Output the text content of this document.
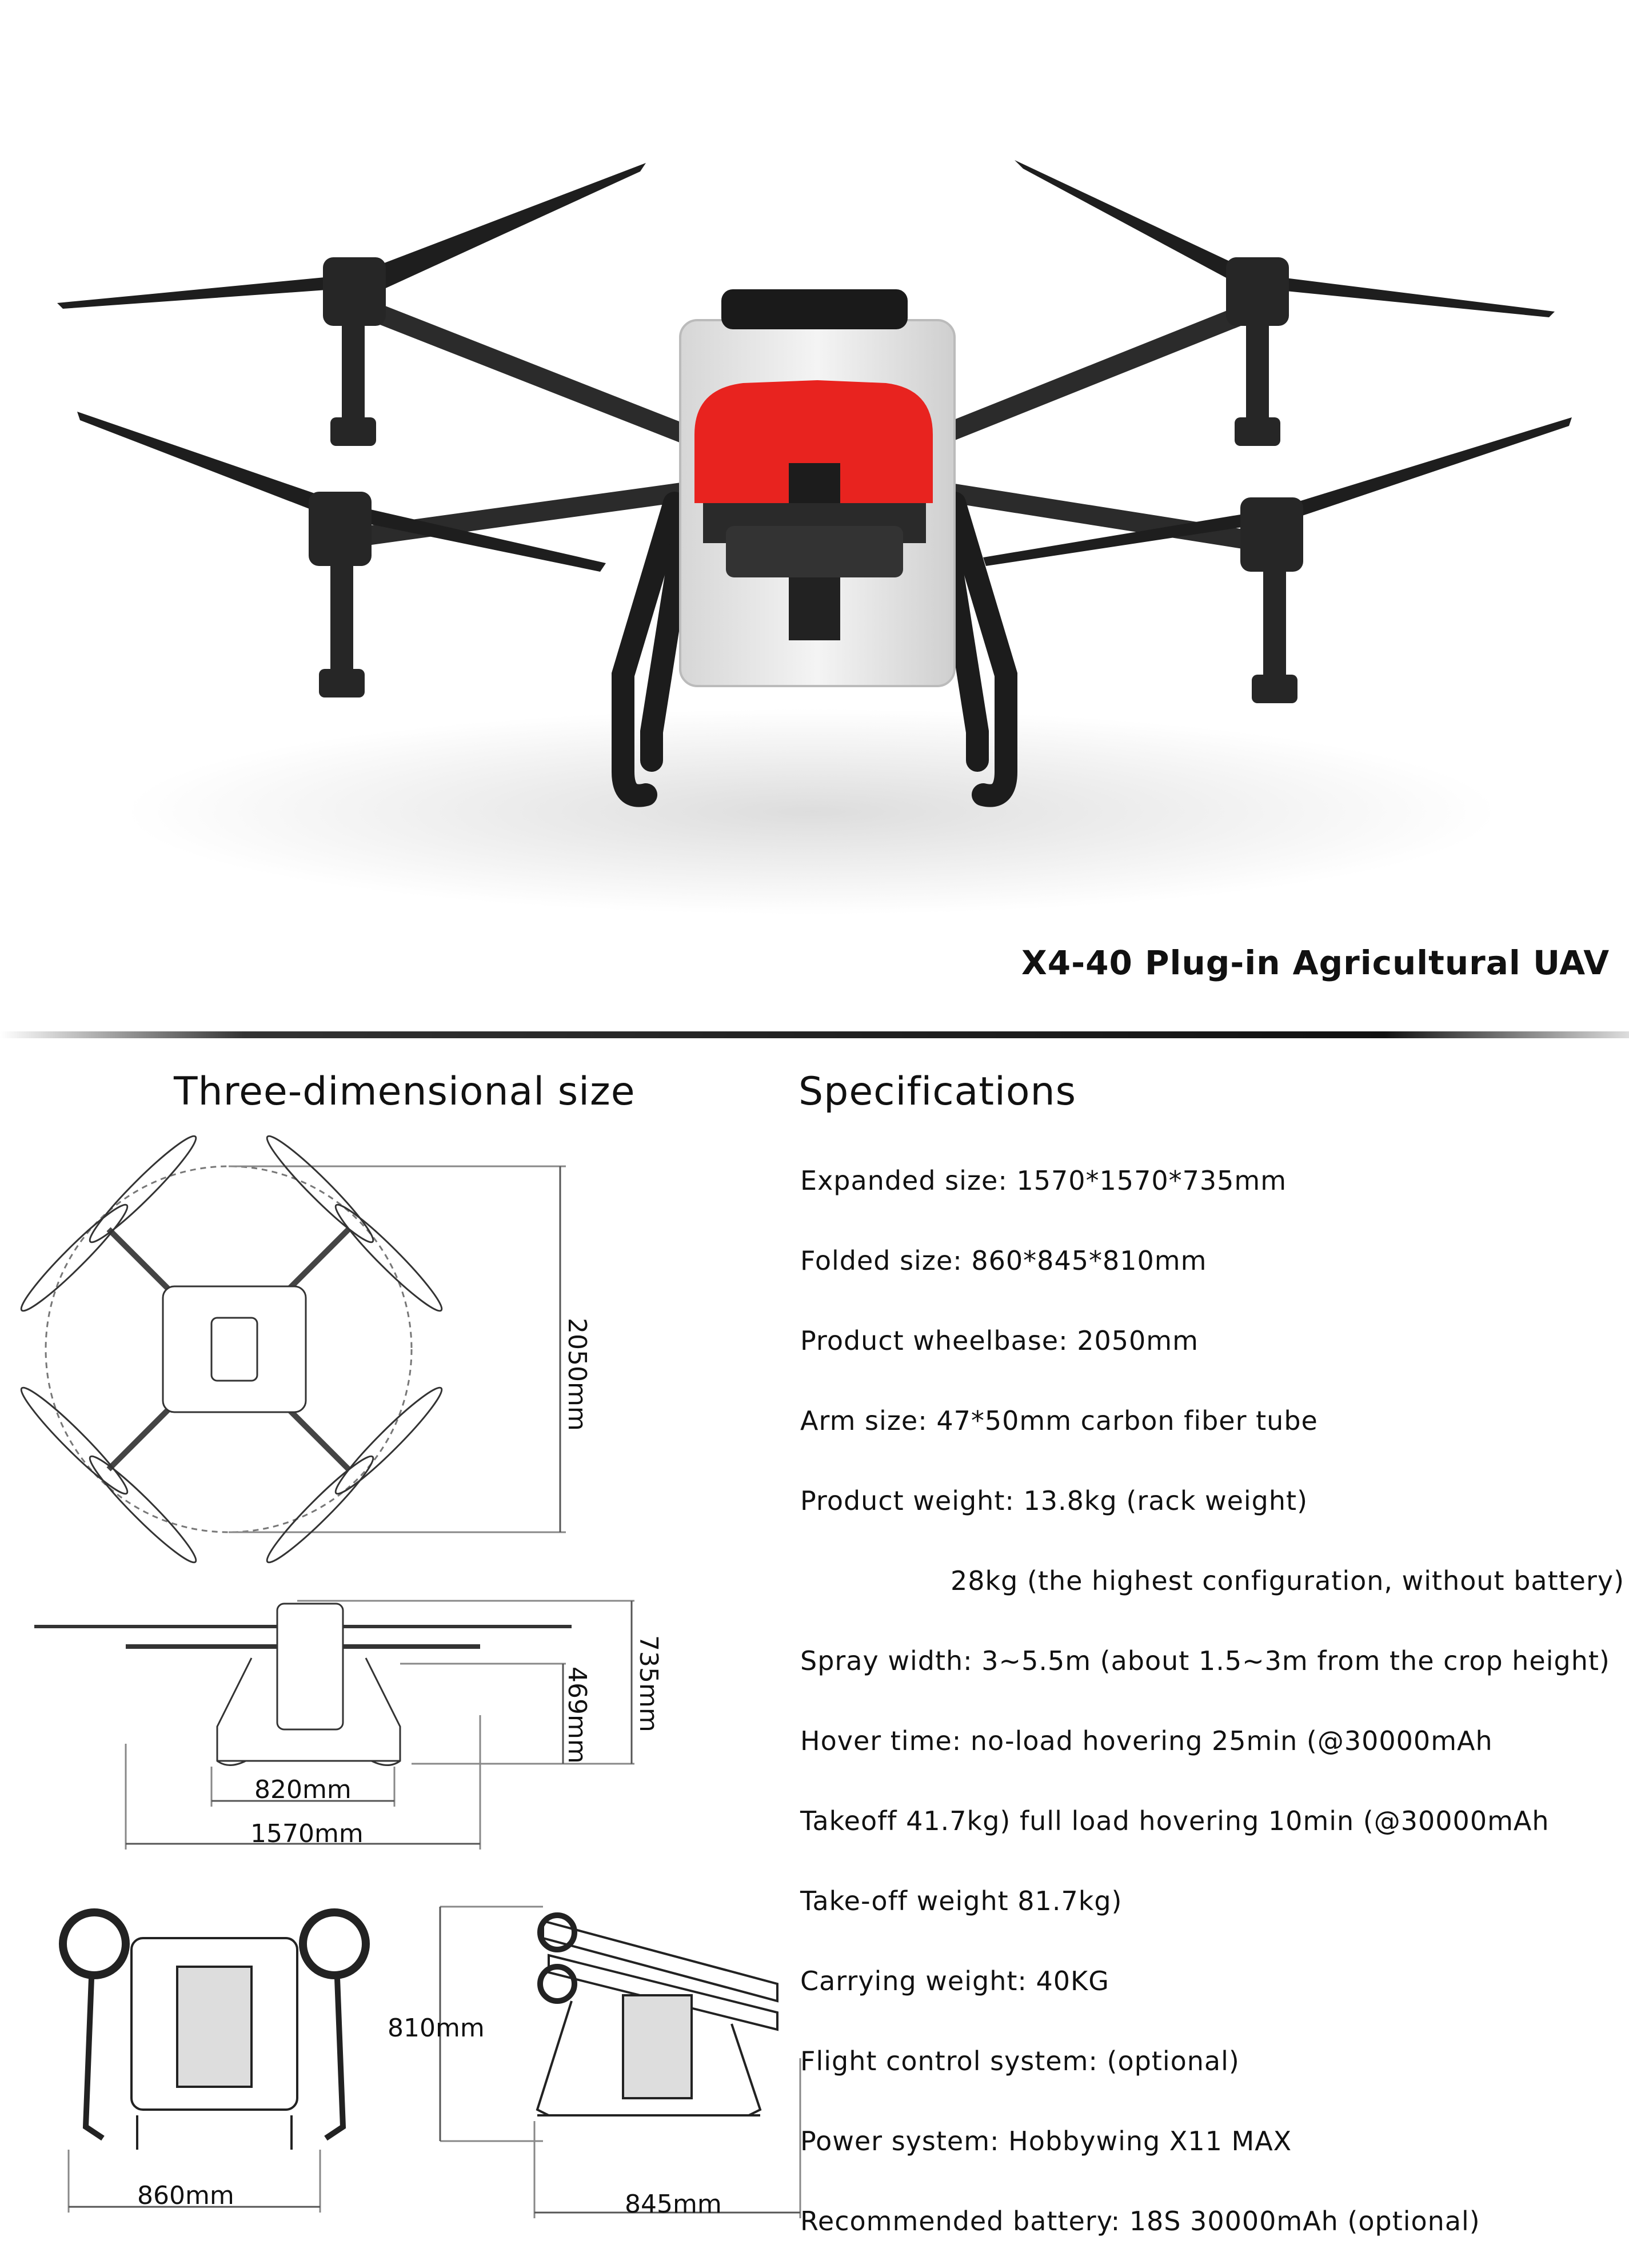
2050mm
735mm
469mm
820mm
1570mm
860mm
810mm
845mm
X4-40 Plug-in Agricultural UAV
Three-dimensional size	Specifications
Expanded size: 1570*1570*735mm
Folded size: 860*845*810mm
Product wheelbase: 2050mm
Arm size: 47*50mm carbon fiber tube
Product weight: 13.8kg (rack weight)
28kg (the highest configuration, without battery)
Spray width: 3~5.5m (about 1.5~3m from the crop height)
Hover time: no-load hovering 25min (@30000mAh
Takeoff 41.7kg) full load hovering 10min (@30000mAh
Take-off weight 81.7kg)
Carrying weight: 40KG
Flight control system: (optional)
Power system: Hobbywing X11 MAX
Recommended battery: 18S 30000mAh (optional)
